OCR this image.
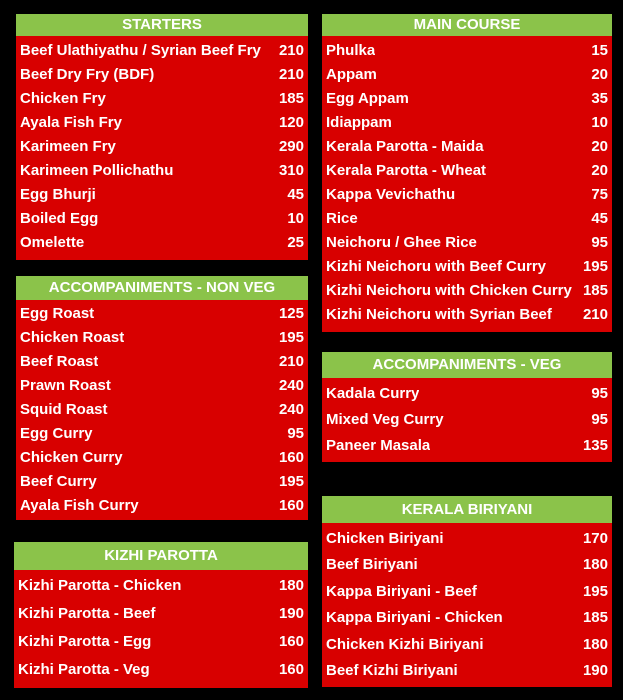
STARTERS
Beef Ulathiyathu / Syrian Beef Fry 210
Beef Dry Fry (BDF)	210
Chicken Fry	185
Ayala Fish Fry	120
Karimeen Fry	290
Karimeen Pollichathu	310
Egg Bhurji	45
Boiled Egg	10
Omelette	25
ACCOMPANIMENTS - NON VEG
Egg Roast	125
Chicken Roast	195
Beef Roast	210
Prawn Roast	240
Squid Roast	240
Egg Curry	95
Chicken Curry	160
Beef Curry	195
Ayala Fish Curry	160
KIZHI PAROTTA
Kizhi Parotta - Chicken	180
Kizhi Parotta - Beef	190
Kizhi Parotta - Egg	160
Kizhi Parotta - Veg	160
MAIN COURSE
Phulka	15
Appam	20
Egg Appam	35
Idiappam	10
Kerala Parotta - Maida	20
Kerala Parotta - Wheat	20
Kappa Vevichathu	75
Rice	45
Neichoru / Ghee Rice	95
Kizhi Neichoru with Beef Curry 195
Kizhi Neichoru with Chicken Curry 185
Kizhi Neichoru with Syrian Beef 210
ACCOMPANIMENTS - VEG
Kadala Curry	95
Mixed Veg Curry	95
Paneer Masala	135
KERALA BIRIYANI
Chicken Biriyani	170
Beef Biriyani	180
Kappa Biriyani - Beef	195
Kappa Biriyani - Chicken	185
Chicken Kizhi Biriyani	180
Beef Kizhi Biriyani	190
